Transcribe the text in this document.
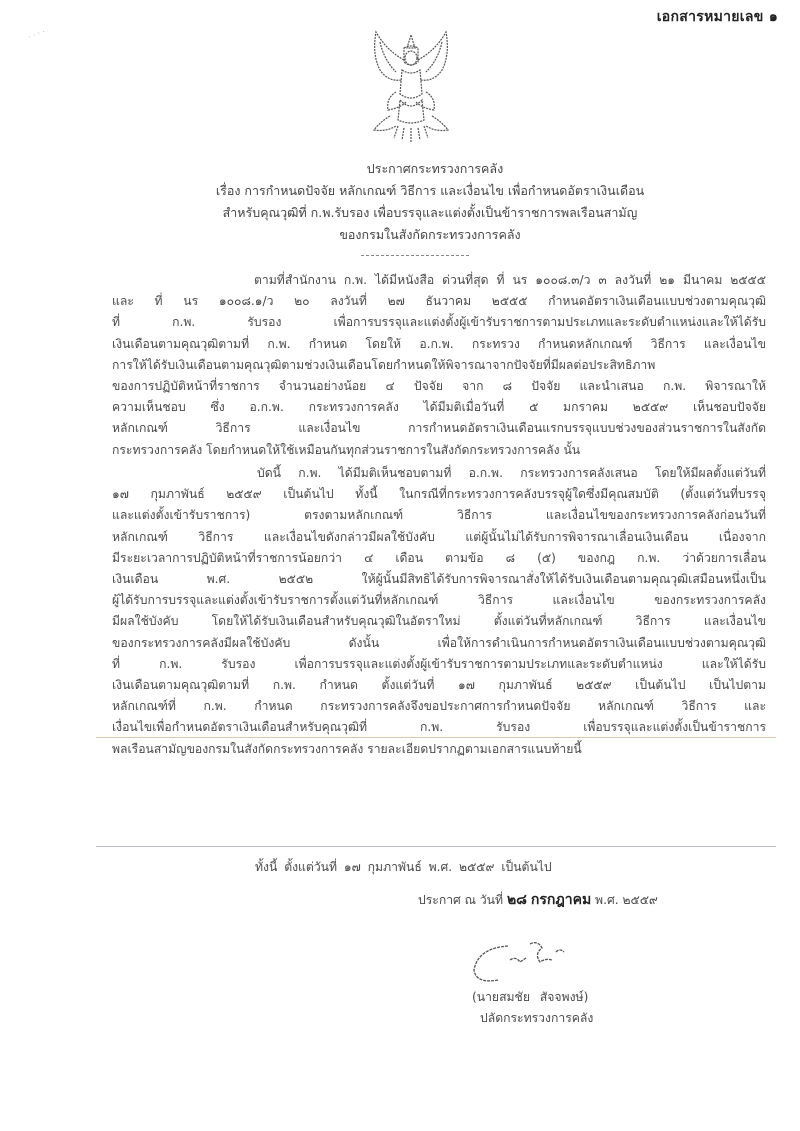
· · · ·
เอกสารหมายเลข ๑
ประกาศกระทรวงการคลัง
เรื่อง การกำหนดปัจจัย หลักเกณฑ์ วิธีการ และเงื่อนไข เพื่อกำหนดอัตราเงินเดือน
สำหรับคุณวุฒิที่ ก.พ.รับรอง เพื่อบรรจุและแต่งตั้งเป็นข้าราชการพลเรือนสามัญ
ของกรมในสังกัดกระทรวงการคลัง
ตามที่สำนักงาน ก.พ. ได้มีหนังสือ ด่วนที่สุด ที่ นร ๑๐๐๘.๓/ว ๓ ลงวันที่ ๒๑ มีนาคม ๒๕๕๕
และ ที่ นร ๑๐๐๘.๑/ว ๒๐ ลงวันที่ ๒๗ ธันวาคม ๒๕๕๕ กำหนดอัตราเงินเดือนแบบช่วงตามคุณวุฒิ
ที่ ก.พ. รับรอง เพื่อการบรรจุและแต่งตั้งผู้เข้ารับราชการตามประเภทและระดับตำแหน่งและให้ได้รับ
เงินเดือนตามคุณวุฒิตามที่ ก.พ. กำหนด โดยให้ อ.ก.พ. กระทรวง กำหนดหลักเกณฑ์ วิธีการ และเงื่อนไข
การให้ได้รับเงินเดือนตามคุณวุฒิตามช่วงเงินเดือนโดยกำหนดให้พิจารณาจากปัจจัยที่มีผลต่อประสิทธิภาพ
ของการปฏิบัติหน้าที่ราชการ จำนวนอย่างน้อย ๔ ปัจจัย จาก ๘ ปัจจัย และนำเสนอ ก.พ. พิจารณาให้
ความเห็นชอบ ซึ่ง อ.ก.พ. กระทรวงการคลัง ได้มีมติเมื่อวันที่ ๕ มกราคม ๒๕๕๙ เห็นชอบปัจจัย
หลักเกณฑ์ วิธีการ และเงื่อนไข การกำหนดอัตราเงินเดือนแรกบรรจุแบบช่วงของส่วนราชการในสังกัด
กระทรวงการคลัง โดยกำหนดให้ใช้เหมือนกันทุกส่วนราชการในสังกัดกระทรวงการคลัง นั้น
บัดนี้ ก.พ. ได้มีมติเห็นชอบตามที่ อ.ก.พ. กระทรวงการคลังเสนอ โดยให้มีผลตั้งแต่วันที่
๑๗ กุมภาพันธ์ ๒๕๕๙ เป็นต้นไป ทั้งนี้ ในกรณีที่กระทรวงการคลังบรรจุผู้ใดซึ่งมีคุณสมบัติ (ตั้งแต่วันที่บรรจุ
และแต่งตั้งเข้ารับราชการ) ตรงตามหลักเกณฑ์ วิธีการ และเงื่อนไขของกระทรวงการคลังก่อนวันที่
หลักเกณฑ์ วิธีการ และเงื่อนไขดังกล่าวมีผลใช้บังคับ แต่ผู้นั้นไม่ได้รับการพิจารณาเลื่อนเงินเดือน เนื่องจาก
มีระยะเวลาการปฏิบัติหน้าที่ราชการน้อยกว่า ๔ เดือน ตามข้อ ๘ (๕) ของกฎ ก.พ. ว่าด้วยการเลื่อน
เงินเดือน พ.ศ. ๒๕๕๒ ให้ผู้นั้นมีสิทธิได้รับการพิจารณาสั่งให้ได้รับเงินเดือนตามคุณวุฒิเสมือนหนึ่งเป็น
ผู้ได้รับการบรรจุและแต่งตั้งเข้ารับราชการตั้งแต่วันที่หลักเกณฑ์ วิธีการ และเงื่อนไข ของกระทรวงการคลัง
มีผลใช้บังคับ โดยให้ได้รับเงินเดือนสำหรับคุณวุฒิในอัตราใหม่ ตั้งแต่วันที่หลักเกณฑ์ วิธีการ และเงื่อนไข
ของกระทรวงการคลังมีผลใช้บังคับ ดังนั้น เพื่อให้การดำเนินการกำหนดอัตราเงินเดือนแบบช่วงตามคุณวุฒิ
ที่ ก.พ. รับรอง เพื่อการบรรจุและแต่งตั้งผู้เข้ารับราชการตามประเภทและระดับตำแหน่ง และให้ได้รับ
เงินเดือนตามคุณวุฒิตามที่ ก.พ. กำหนด ตั้งแต่วันที่ ๑๗ กุมภาพันธ์ ๒๕๕๙ เป็นต้นไป เป็นไปตาม
หลักเกณฑ์ที่ ก.พ. กำหนด กระทรวงการคลังจึงขอประกาศการกำหนดปัจจัย หลักเกณฑ์ วิธีการ และ
เงื่อนไขเพื่อกำหนดอัตราเงินเดือนสำหรับคุณวุฒิที่ ก.พ. รับรอง เพื่อบรรจุและแต่งตั้งเป็นข้าราชการ
พลเรือนสามัญของกรมในสังกัดกระทรวงการคลัง รายละเอียดปรากฏตามเอกสารแนบท้ายนี้
ทั้งนี้ ตั้งแต่วันที่ ๑๗ กุมภาพันธ์ พ.ศ. ๒๕๕๙ เป็นต้นไป
ประกาศ ณ วันที่ ๒๘ กรกฎาคม พ.ศ. ๒๕๕๙
(นายสมชัย สัจจพงษ์)
ปลัดกระทรวงการคลัง
